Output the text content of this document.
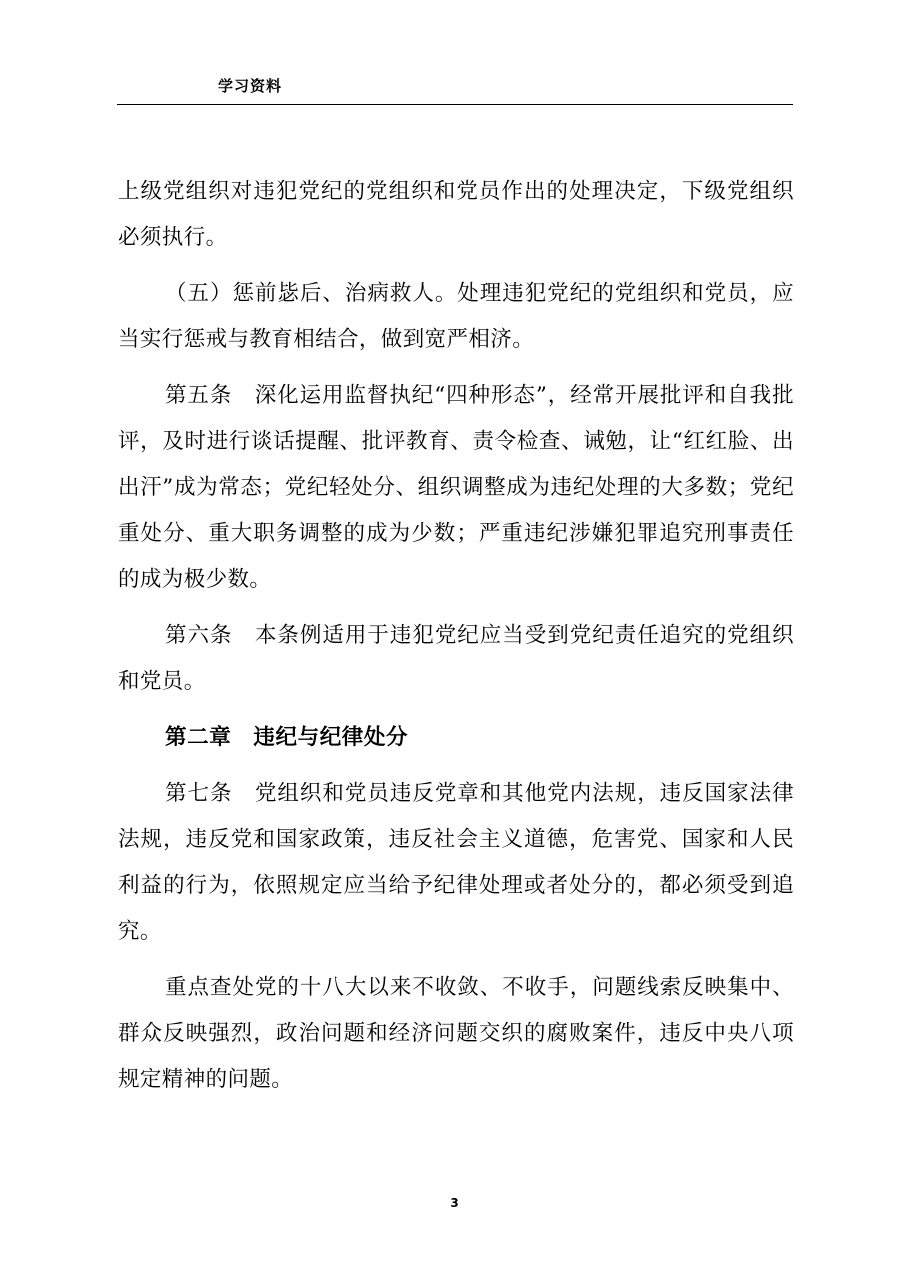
学习资料

上级党组织对违犯党纪的党组织和党员作出的处理决定，下级党组织必须执行。

（五）惩前毖后、治病救人。处理违犯党纪的党组织和党员，应当实行惩戒与教育相结合，做到宽严相济。

第五条　深化运用监督执纪“四种形态”，经常开展批评和自我批评，及时进行谈话提醒、批评教育、责令检查、诫勉，让“红红脸、出出汗”成为常态；党纪轻处分、组织调整成为违纪处理的大多数；党纪重处分、重大职务调整的成为少数；严重违纪涉嫌犯罪追究刑事责任的成为极少数。

第六条　本条例适用于违犯党纪应当受到党纪责任追究的党组织和党员。

第二章　违纪与纪律处分

第七条　党组织和党员违反党章和其他党内法规，违反国家法律法规，违反党和国家政策，违反社会主义道德，危害党、国家和人民利益的行为，依照规定应当给予纪律处理或者处分的，都必须受到追究。

重点查处党的十八大以来不收敛、不收手，问题线索反映集中、群众反映强烈，政治问题和经济问题交织的腐败案件，违反中央八项规定精神的问题。

3
